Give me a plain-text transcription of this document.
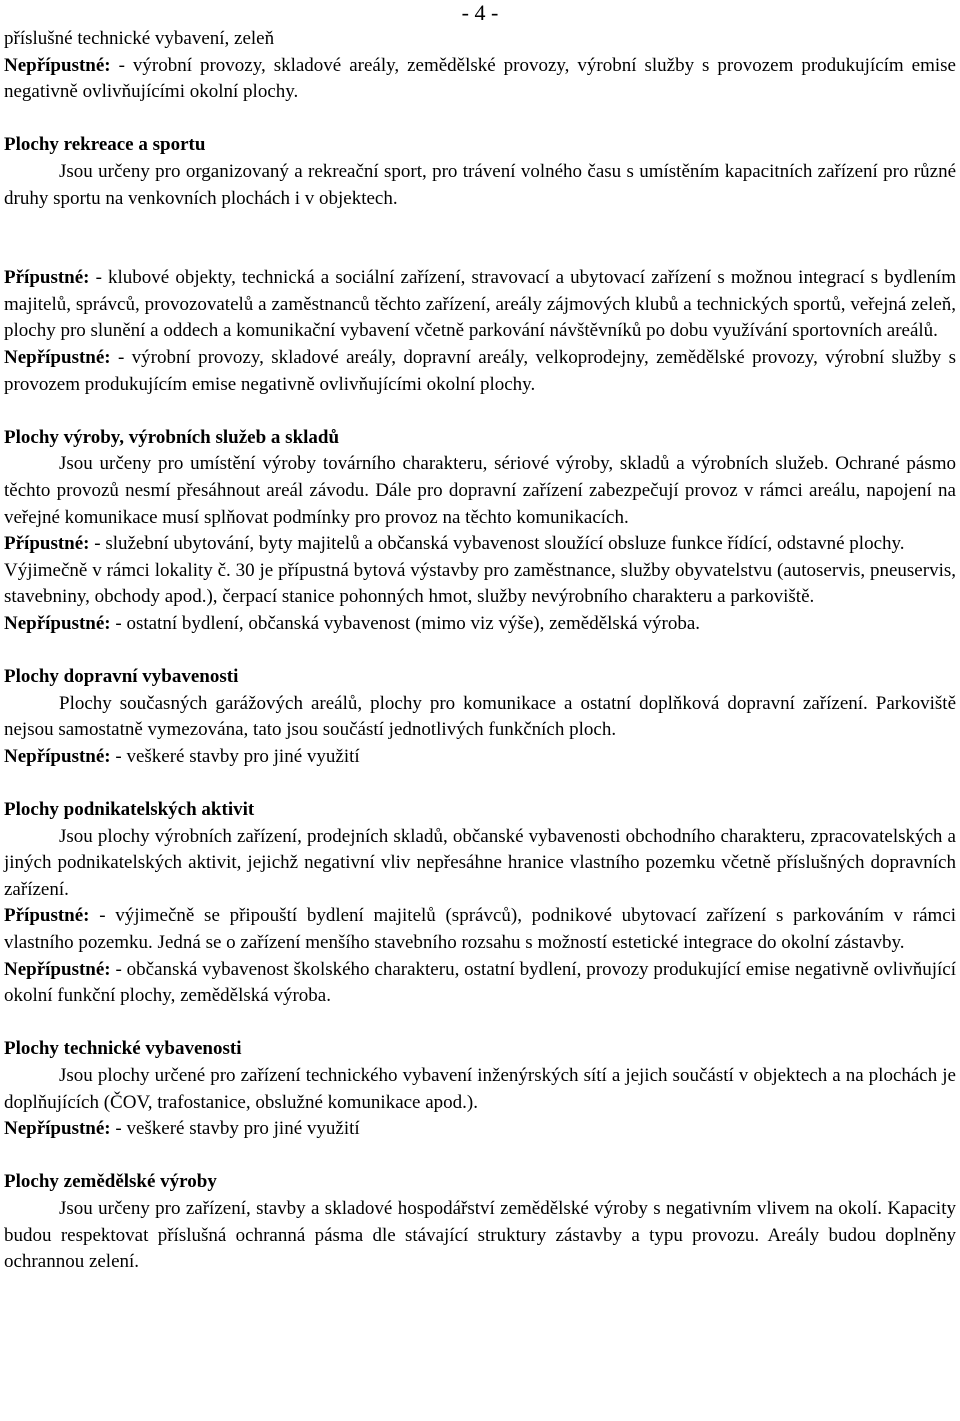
- 4 -

příslušné technické vybavení, zeleň

Nepřípustné: - výrobní provozy, skladové areály, zemědělské provozy, výrobní služby s provozem produkujícím emise negativně ovlivňujícími okolní plochy.

Plochy rekreace a sportu

Jsou určeny pro organizovaný a rekreační sport, pro trávení volného času s umístěním kapacitních zařízení pro různé druhy sportu na venkovních plochách i v objektech.

Přípustné: - klubové objekty, technická a sociální zařízení, stravovací a ubytovací zařízení s možnou integrací s bydlením majitelů, správců, provozovatelů a zaměstnanců těchto zařízení, areály zájmových klubů a technických sportů, veřejná zeleň, plochy pro slunění a oddech a komunikační vybavení včetně parkování návštěvníků po dobu využívání sportovních areálů.

Nepřípustné: - výrobní provozy, skladové areály, dopravní areály, velkoprodejny, zemědělské provozy, výrobní služby s provozem produkujícím emise negativně ovlivňujícími okolní plochy.

Plochy výroby, výrobních služeb a skladů

Jsou určeny pro umístění výroby továrního charakteru, sériové výroby, skladů a výrobních služeb. Ochrané pásmo těchto provozů nesmí přesáhnout areál závodu. Dále pro dopravní zařízení zabezpečují provoz v rámci areálu, napojení na veřejné komunikace musí splňovat podmínky pro provoz na těchto komunikacích.

Přípustné: - služební ubytování, byty majitelů a občanská vybavenost sloužící obsluze funkce řídící, odstavné plochy.

Výjimečně v rámci lokality č. 30 je přípustná bytová výstavby pro zaměstnance, služby obyvatelstvu (autoservis, pneuservis, stavebniny, obchody apod.), čerpací stanice pohonných hmot, služby nevýrobního charakteru a parkoviště.

Nepřípustné: - ostatní bydlení, občanská vybavenost (mimo viz výše), zemědělská výroba.

Plochy dopravní vybavenosti

Plochy současných garážových areálů, plochy pro komunikace a ostatní doplňková dopravní zařízení. Parkoviště nejsou samostatně vymezována, tato jsou součástí jednotlivých funkčních ploch.

Nepřípustné: - veškeré stavby pro jiné využití

Plochy podnikatelských aktivit

Jsou plochy výrobních zařízení, prodejních skladů, občanské vybavenosti obchodního charakteru, zpracovatelských a jiných podnikatelských aktivit, jejichž negativní vliv nepřesáhne hranice vlastního pozemku včetně příslušných dopravních zařízení.

Přípustné: - výjimečně se připouští bydlení majitelů (správců), podnikové ubytovací zařízení s parkováním v rámci vlastního pozemku. Jedná se o zařízení menšího stavebního rozsahu s možností estetické integrace do okolní zástavby.

Nepřípustné: - občanská vybavenost školského charakteru, ostatní bydlení, provozy produkující emise negativně ovlivňující okolní funkční plochy, zemědělská výroba.

Plochy technické vybavenosti

Jsou plochy určené pro zařízení technického vybavení inženýrských sítí a jejich součástí v objektech a na plochách je doplňujících (ČOV, trafostanice, obslužné komunikace apod.).

Nepřípustné: - veškeré stavby pro jiné využití

Plochy zemědělské výroby

Jsou určeny pro zařízení, stavby a skladové hospodářství zemědělské výroby s negativním vlivem na okolí. Kapacity budou respektovat příslušná ochranná pásma dle stávající struktury zástavby a typu provozu. Areály budou doplněny ochrannou zelení.
